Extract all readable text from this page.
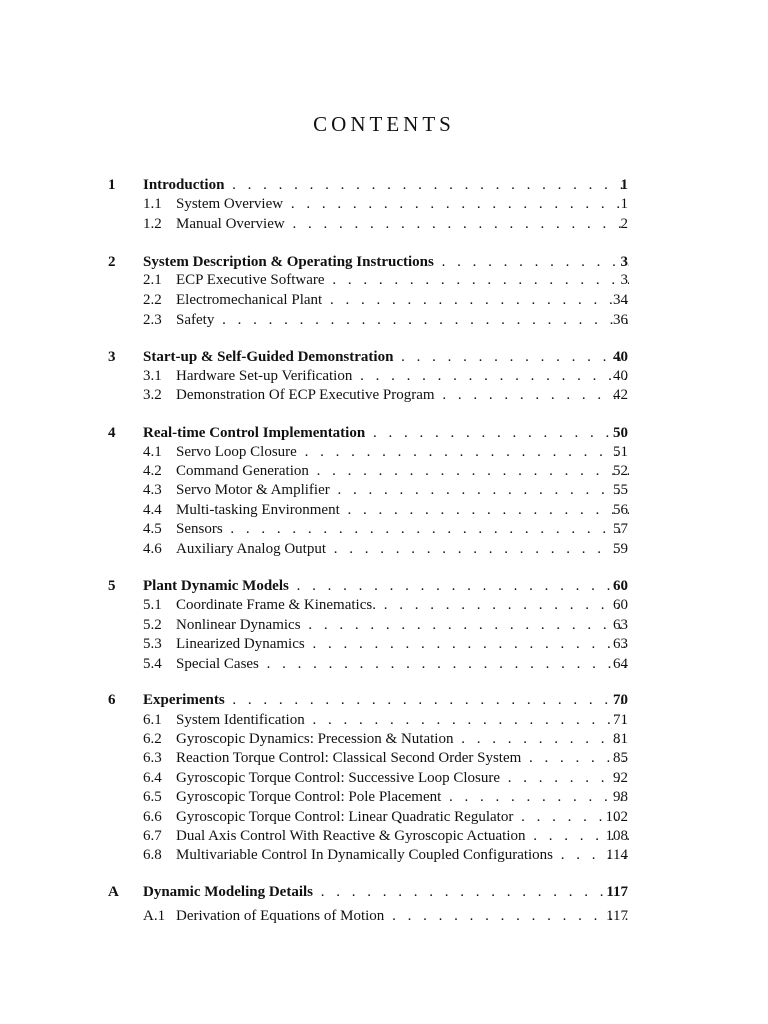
CONTENTS
1 Introduction . . .	1
1.1 System Overview . . .	1
1.2 Manual Overview . . .	2
2 System Description & Operating Instructions . . .	3
2.1 ECP Executive Software . . .	3
2.2 Electromechanical Plant . . .	34
2.3 Safety . . .	36
3 Start-up & Self-Guided Demonstration . . .	40
3.1 Hardware Set-up Verification . . .	40
3.2 Demonstration Of ECP Executive Program . . .	42
4 Real-time Control Implementation . . .	50
4.1 Servo Loop Closure . . .	51
4.2 Command Generation . . .	52
4.3 Servo Motor & Amplifier . . .	55
4.4 Multi-tasking Environment . . .	56
4.5 Sensors . . .	57
4.6 Auxiliary Analog Output . . .	59
5 Plant Dynamic Models . . .	60
5.1 Coordinate Frame & Kinematics. . . .	60
5.2 Nonlinear Dynamics . . .	63
5.3 Linearized Dynamics . . .	63
5.4 Special Cases . . .	64
6 Experiments . . .	70
6.1 System Identification . . .	71
6.2 Gyroscopic Dynamics: Precession & Nutation . . .	81
6.3 Reaction Torque Control: Classical Second Order System . . .	85
6.4 Gyroscopic Torque Control: Successive Loop Closure . . .	92
6.5 Gyroscopic Torque Control: Pole Placement . . .	98
6.6 Gyroscopic Torque Control: Linear Quadratic Regulator . . .	102
6.7 Dual Axis Control With Reactive & Gyroscopic Actuation . . .	108
6.8 Multivariable Control In Dynamically Coupled Configurations . . .	114
A Dynamic Modeling Details . . .	117
A.1 Derivation of Equations of Motion . . .	117
